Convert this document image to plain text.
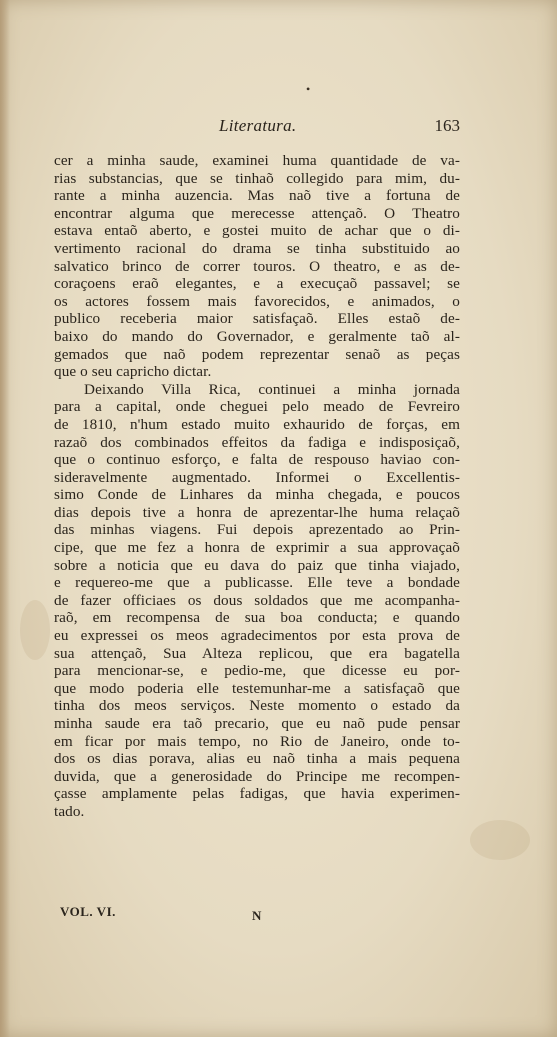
•
Literatura.	163
cer a minha saude, examinei huma quantidade de va-
rias substancias, que se tinhaõ collegido para mim, du-
rante a minha auzencia. Mas naõ tive a fortuna de
encontrar alguma que merecesse attençaõ. O Theatro
estava entaõ aberto, e gostei muito de achar que o di-
vertimento racional do drama se tinha substituido ao
salvatico brinco de correr touros. O theatro, e as de-
coraçoens eraõ elegantes, e a execuçaõ passavel; se
os actores fossem mais favorecidos, e animados, o
publico receberia maior satisfaçaõ. Elles estaõ de-
baixo do mando do Governador, e geralmente taõ al-
gemados que naõ podem reprezentar senaõ as peças
que o seu capricho dictar.
Deixando Villa Rica, continuei a minha jornada
para a capital, onde cheguei pelo meado de Fevreiro
de 1810, n'hum estado muito exhaurido de forças, em
razaõ dos combinados effeitos da fadiga e indisposiçaõ,
que o continuo esforço, e falta de respouso haviao con-
sideravelmente augmentado. Informei o Excellentis-
simo Conde de Linhares da minha chegada, e poucos
dias depois tive a honra de aprezentar-lhe huma relaçaõ
das minhas viagens. Fui depois aprezentado ao Prin-
cipe, que me fez a honra de exprimir a sua approvaçaõ
sobre a noticia que eu dava do paiz que tinha viajado,
e requereo-me que a publicasse. Elle teve a bondade
de fazer officiaes os dous soldados que me acompanha-
raõ, em recompensa de sua boa conducta; e quando
eu expressei os meos agradecimentos por esta prova de
sua attençaõ, Sua Alteza replicou, que era bagatella
para mencionar-se, e pedio-me, que dicesse eu por-
que modo poderia elle testemunhar-me a satisfaçaõ que
tinha dos meos serviços. Neste momento o estado da
minha saude era taõ precario, que eu naõ pude pensar
em ficar por mais tempo, no Rio de Janeiro, onde to-
dos os dias porava, alias eu naõ tinha a mais pequena
duvida, que a generosidade do Principe me recompen-
çasse amplamente pelas fadigas, que havia experimen-
tado.
VOL. VI.	N
